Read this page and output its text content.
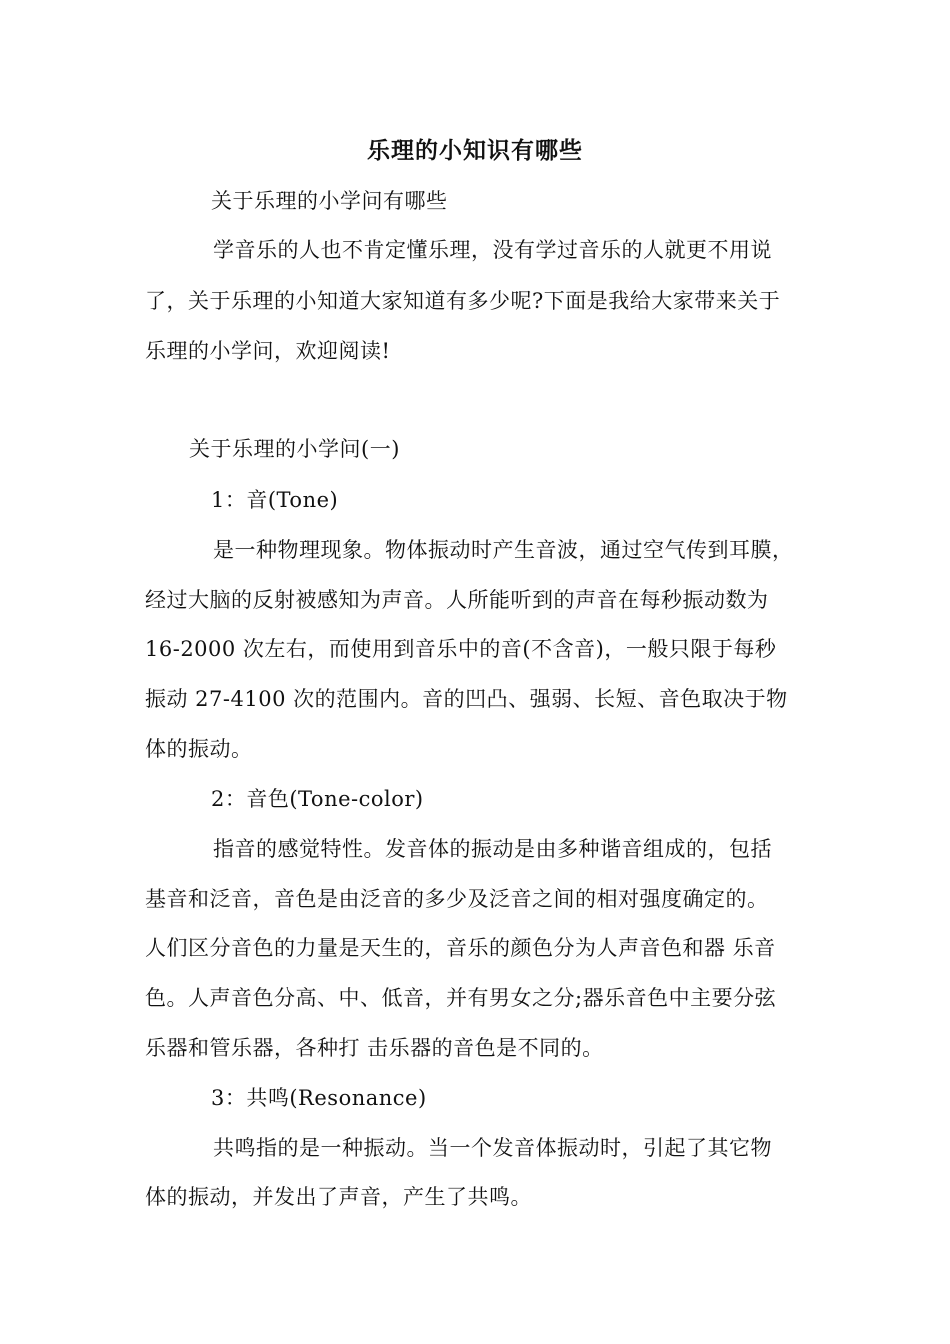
乐理的小知识有哪些
关于乐理的小学问有哪些
学音乐的人也不肯定懂乐理，没有学过音乐的人就更不用说
了，关于乐理的小知道大家知道有多少呢?下面是我给大家带来关于
乐理的小学问，欢迎阅读!
关于乐理的小学问(一)
1：音(Tone)
是一种物理现象。物体振动时产生音波，通过空气传到耳膜，
经过大脑的反射被感知为声音。人所能听到的声音在每秒振动数为
16-2000 次左右，而使用到音乐中的音(不含音)，一般只限于每秒
振动 27-4100 次的范围内。音的凹凸、强弱、长短、音色取决于物
体的振动。
2：音色(Tone-color)
指音的感觉特性。发音体的振动是由多种谐音组成的，包括
基音和泛音，音色是由泛音的多少及泛音之间的相对强度确定的。
人们区分音色的力量是天生的，音乐的颜色分为人声音色和器 乐音
色。人声音色分高、中、低音，并有男女之分;器乐音色中主要分弦
乐器和管乐器，各种打 击乐器的音色是不同的。
3：共鸣(Resonance)
共鸣指的是一种振动。当一个发音体振动时，引起了其它物
体的振动，并发出了声音，产生了共鸣。
